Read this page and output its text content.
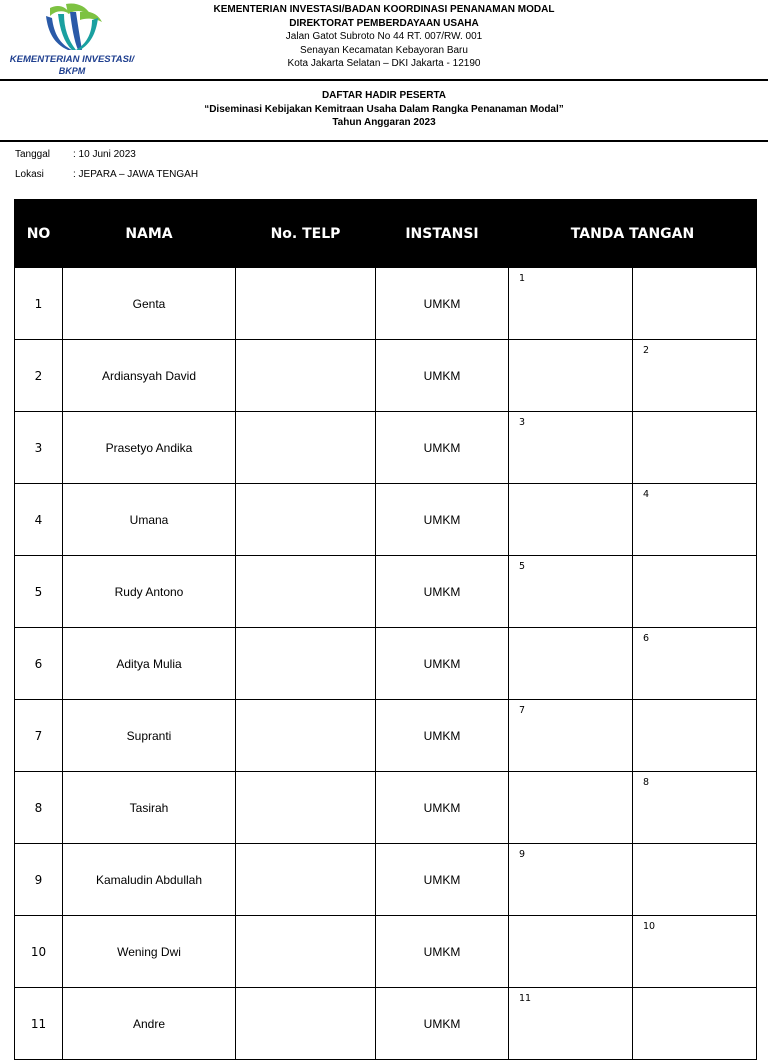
KEMENTERIAN INVESTASI/
BKPM
KEMENTERIAN INVESTASI/BADAN KOORDINASI PENANAMAN MODAL
DIREKTORAT PEMBERDAYAAN USAHA
Jalan Gatot Subroto No 44 RT. 007/RW. 001
Senayan Kecamatan Kebayoran Baru
Kota Jakarta Selatan – DKI Jakarta - 12190
DAFTAR HADIR PESERTA
“Diseminasi Kebijakan Kemitraan Usaha Dalam Rangka Penanaman Modal”
Tahun Anggaran 2023
Tanggal : 10 Juni 2023
Lokasi	: JEPARA – JAWA TENGAH
NO	NAMA	No. TELP	INSTANSI	TANDA TANGAN	
1	Genta		UMKM	1	
2	Ardiansyah David		UMKM		2
3	Prasetyo Andika		UMKM	3	
4	Umana		UMKM		4
5	Rudy Antono		UMKM	5	
6	Aditya Mulia		UMKM		6
7	Supranti		UMKM	7	
8	Tasirah		UMKM		8
9	Kamaludin Abdullah		UMKM	9	
10	Wening Dwi		UMKM		10
11	Andre		UMKM	11	
